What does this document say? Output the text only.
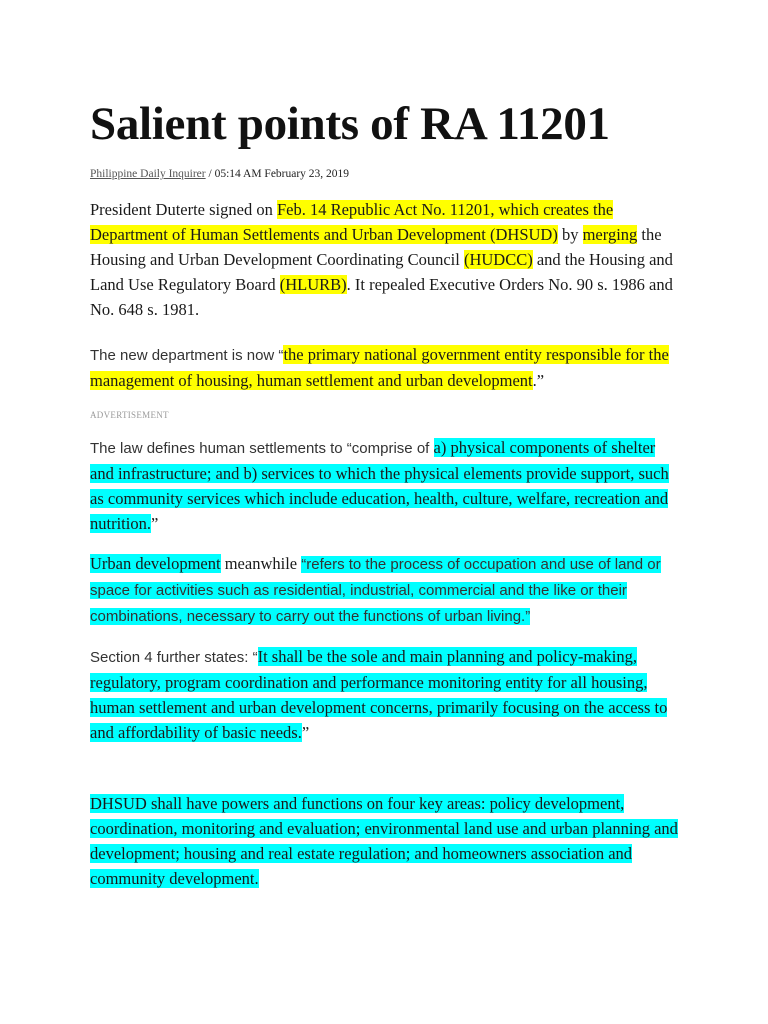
Salient points of RA 11201
Philippine Daily Inquirer / 05:14 AM February 23, 2019

President Duterte signed on Feb. 14 Republic Act No. 11201, which creates the Department of Human Settlements and Urban Development (DHSUD) by merging the Housing and Urban Development Coordinating Council (HUDCC) and the Housing and Land Use Regulatory Board (HLURB). It repealed Executive Orders No. 90 s. 1986 and No. 648 s. 1981.

The new department is now “the primary national government entity responsible for the management of housing, human settlement and urban development.”

ADVERTISEMENT

The law defines human settlements to “comprise of a) physical components of shelter and infrastructure; and b) services to which the physical elements provide support, such as community services which include education, health, culture, welfare, recreation and nutrition.”

Urban development meanwhile “refers to the process of occupation and use of land or space for activities such as residential, industrial, commercial and the like or their combinations, necessary to carry out the functions of urban living.”

Section 4 further states: “It shall be the sole and main planning and policy-making, regulatory, program coordination and performance monitoring entity for all housing, human settlement and urban development concerns, primarily focusing on the access to and affordability of basic needs.”

DHSUD shall have powers and functions on four key areas: policy development, coordination, monitoring and evaluation; environmental land use and urban planning and development; housing and real estate regulation; and homeowners association and community development.
